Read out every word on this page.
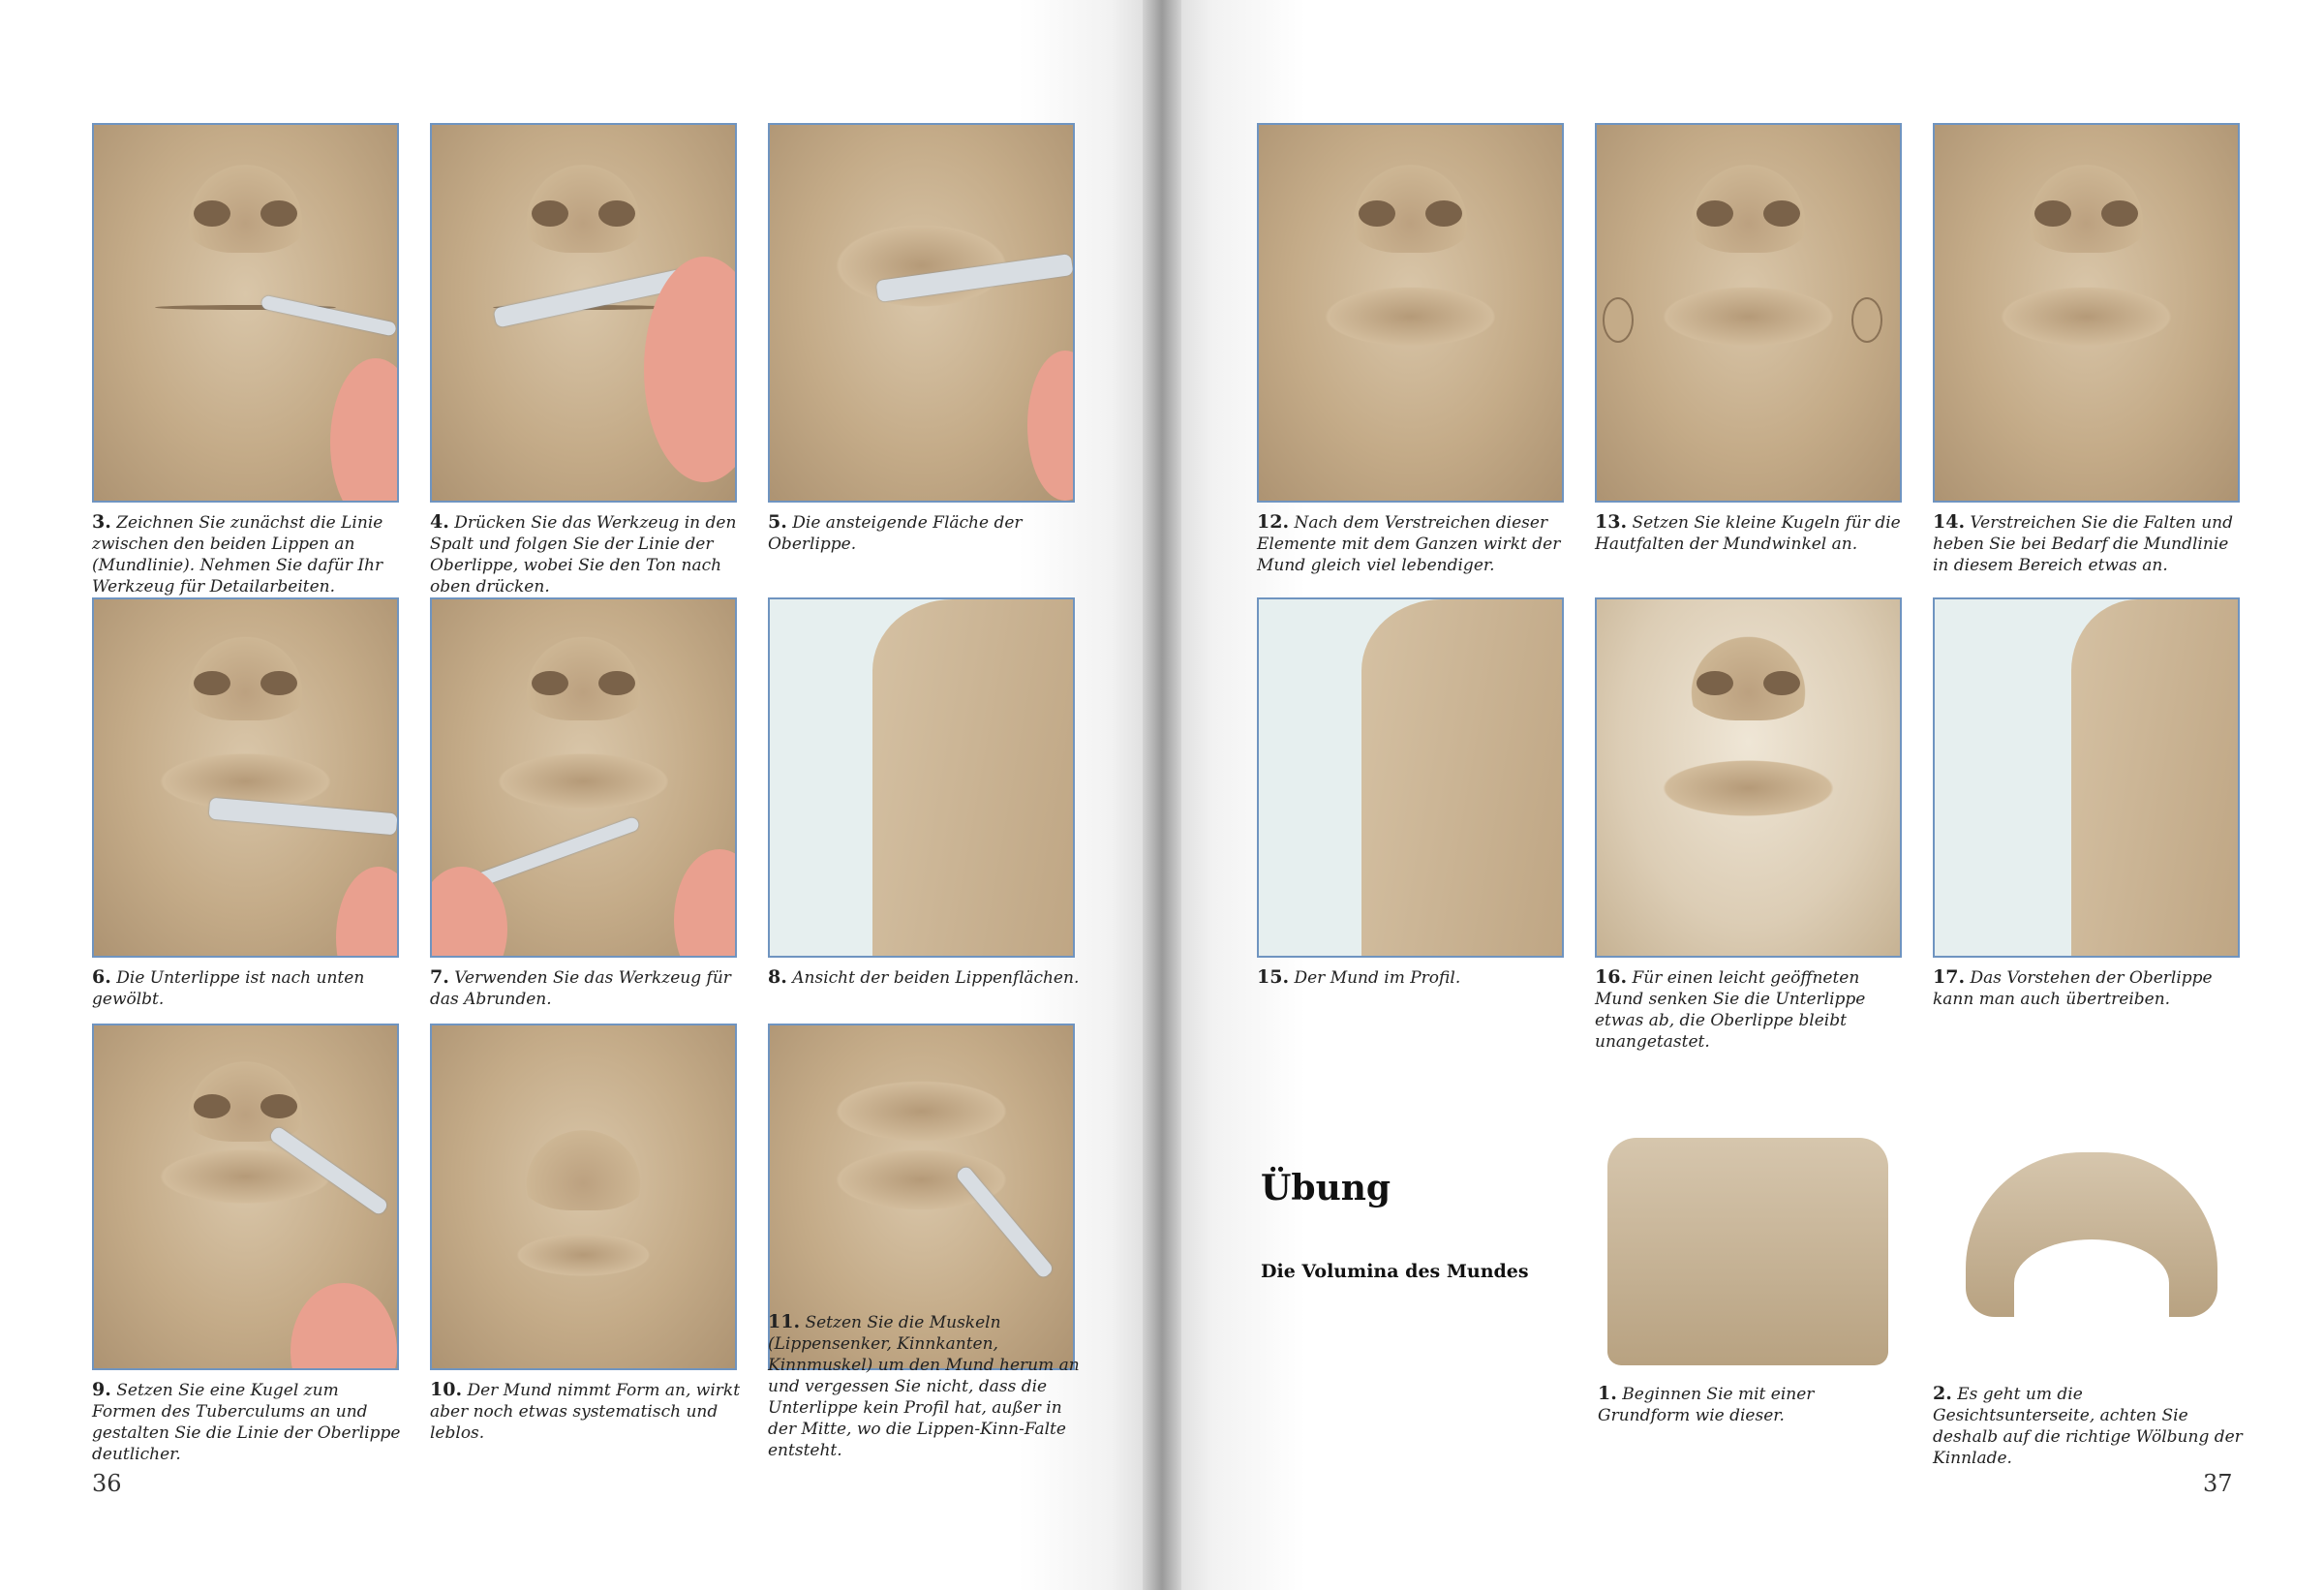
3. Zeichnen Sie zunächst die Linie zwischen den beiden Lippen an (Mundlinie). Nehmen Sie dafür Ihr Werkzeug für Detailarbeiten.

4. Drücken Sie das Werkzeug in den Spalt und folgen Sie der Linie der Oberlippe, wobei Sie den Ton nach oben drücken.

5. Die ansteigende Fläche der Oberlippe.

6. Die Unterlippe ist nach unten gewölbt.

7. Verwenden Sie das Werkzeug für das Abrunden.

8. Ansicht der beiden Lippenflächen.

9. Setzen Sie eine Kugel zum Formen des Tuberculums an und gestalten Sie die Linie der Oberlippe deutlicher.

10. Der Mund nimmt Form an, wirkt aber noch etwas systematisch und leblos.

11. Setzen Sie die Muskeln (Lippensenker, Kinnkanten, Kinnmuskel) um den Mund herum an und vergessen Sie nicht, dass die Unterlippe kein Profil hat, außer in der Mitte, wo die Lippen-Kinn-Falte entsteht.

12. Nach dem Verstreichen dieser Elemente mit dem Ganzen wirkt der Mund gleich viel lebendiger.

13. Setzen Sie kleine Kugeln für die Hautfalten der Mundwinkel an.

14. Verstreichen Sie die Falten und heben Sie bei Bedarf die Mundlinie in diesem Bereich etwas an.

15. Der Mund im Profil.	16. Für einen leicht geöffneten Mund senken Sie die Unterlippe etwas ab, die Oberlippe bleibt unangetastet.

17. Das Vorstehen der Oberlippe kann man auch übertreiben.

Übung
Die Volumina des Mundes

1. Beginnen Sie mit einer Grundform wie dieser.

2. Es geht um die Gesichtsunterseite, achten Sie deshalb auf die richtige Wölbung der Kinnlade.

36	37
